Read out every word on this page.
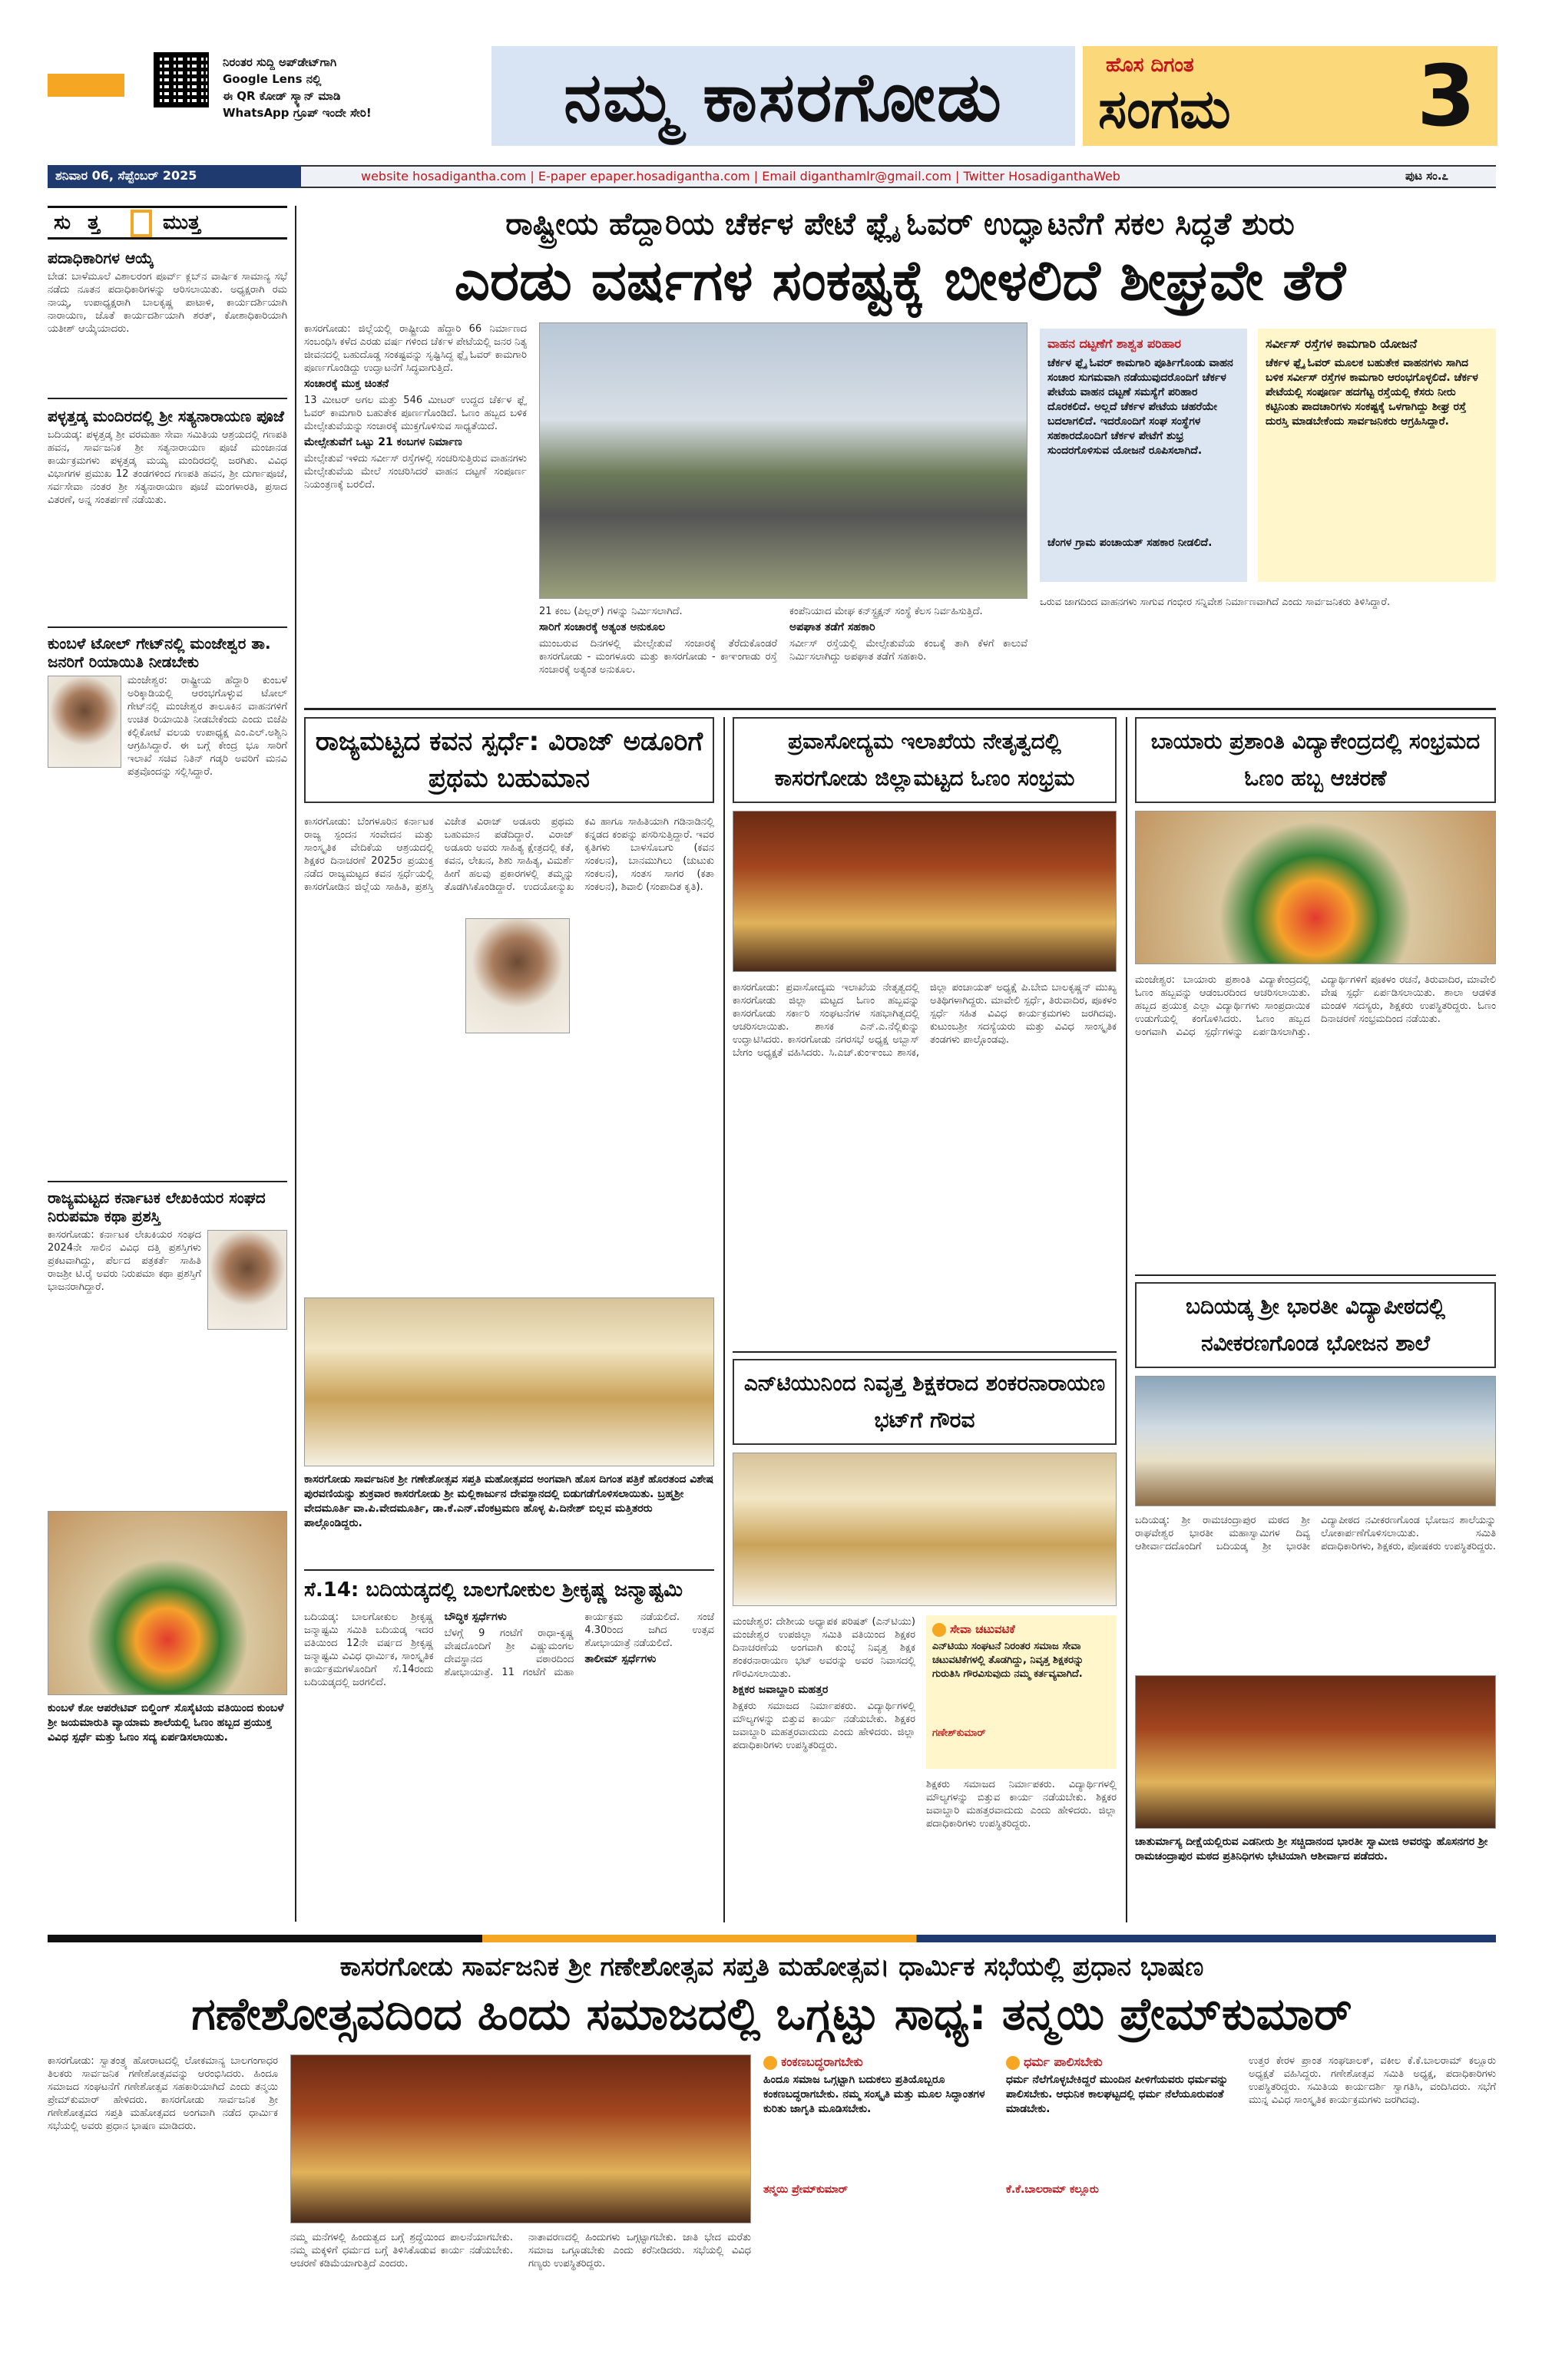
ನಿರಂತರ ಸುದ್ದಿ ಅಪ್‌ಡೇಟ್‌ಗಾಗಿ
Google Lens ನಲ್ಲಿ
ಈ QR ಕೋಡ್ ಸ್ಕ್ಯಾನ್ ಮಾಡಿ
WhatsApp ಗ್ರೂಪ್ ಇಂದೇ ಸೇರಿ!	ನಮ್ಮ ಕಾಸರಗೋಡು	ಹೊಸ ದಿಗಂತ
ಸಂಗಮ 3
ಶನಿವಾರ 06, ಸೆಪ್ಟೆಂಬರ್ 2025	website hosadigantha.com | E-paper epaper.hosadigantha.com | Email diganthamlr@gmail.com | Twitter HosadiganthaWeb	ಪುಟ ಸಂ.೭
ಸು ತ್ತ	ಮುತ್ತ
ಪದಾಧಿಕಾರಿಗಳ ಆಯ್ಕೆ
ಬೇಡ: ಬಾಳೆಮೂಲೆ ವಿಶಾಲರಂಗ ಪೂರ್ವ್ ಕ್ಲಬ್‌ನ ವಾರ್ಷಿಕ ಸಾಮಾನ್ಯ ಸಭೆ ನಡೆದು ನೂತನ ಪದಾಧಿಕಾರಿಗಳನ್ನು ಆರಿಸಲಾಯಿತು. ಅಧ್ಯಕ್ಷರಾಗಿ ರಮ ನಾಯ್ಕ, ಉಪಾಧ್ಯಕ್ಷರಾಗಿ ಬಾಲಕೃಷ್ಣ ಪಾಟಾಳಿ, ಕಾರ್ಯದರ್ಶಿಯಾಗಿ ನಾರಾಯಣ, ಜೊತೆ ಕಾರ್ಯದರ್ಶಿಯಾಗಿ ಶರತ್, ಕೋಶಾಧಿಕಾರಿಯಾಗಿ ಯತೀಶ್ ಆಯ್ಕೆಯಾದರು.
ಪಳ್ಳತ್ತಡ್ಕ ಮಂದಿರದಲ್ಲಿ ಶ್ರೀ ಸತ್ಯನಾರಾಯಣ ಪೂಜೆ
ಬದಿಯಡ್ಕ: ಪಳ್ಳತ್ತಡ್ಕ ಶ್ರೀ ವರಮಹಾ ಸೇವಾ ಸಮಿತಿಯ ಆಶ್ರಯದಲ್ಲಿ ಗಣಪತಿ ಹವನ, ಸಾರ್ವಜನಿಕ ಶ್ರೀ ಸತ್ಯನಾರಾಯಣ ಪೂಜೆ ಮಂಜಾನಡ ಕಾರ್ಯಕ್ರಮಗಳು ಪಳ್ಳತ್ತಡ್ಕ ಮಯ್ಯ ಮಂದಿರದಲ್ಲಿ ಜರಗಿತು. ವಿವಿಧ ವಿಭಾಗಗಳ ಪ್ರಮುಖ 12 ತಂಡಗಳಿಂದ ಗಣಪತಿ ಹವನ, ಶ್ರೀ ದುರ್ಗಾಪೂಜೆ, ಸರ್ವಸೇವಾ ನಂತರ ಶ್ರೀ ಸತ್ಯನಾರಾಯಣ ಪೂಜೆ ಮಂಗಳಾರತಿ, ಪ್ರಸಾದ ವಿತರಣೆ, ಅನ್ನ ಸಂತರ್ಪಣೆ ನಡೆಯಿತು.
ಕುಂಬಳೆ ಟೋಲ್ ಗೇಟ್‌ನಲ್ಲಿ ಮಂಜೇಶ್ವರ ತಾ. ಜನರಿಗೆ ರಿಯಾಯಿತಿ ನೀಡಬೇಕು
ಮಂಜೇಶ್ವರ: ರಾಷ್ಟ್ರೀಯ ಹೆದ್ದಾರಿ ಕುಂಬಳೆ ಅರಿಕ್ಕಾಡಿಯಲ್ಲಿ ಆರಂಭಗೊಳ್ಳುವ ಟೋಲ್ ಗೇಟ್‌ನಲ್ಲಿ ಮಂಜೇಶ್ವರ ತಾಲೂಕಿನ ವಾಹನಗಳಿಗೆ ಉಚಿತ ರಿಯಾಯಿತಿ ನೀಡಬೇಕೆಂದು ಎಂದು ಬಿಜೆಪಿ ಕಲ್ಲಿಕೋಟೆ ವಲಯ ಉಪಾಧ್ಯಕ್ಷ ಎಂ.ಎಲ್.ಅಶ್ವಿನಿ ಆಗ್ರಹಿಸಿದ್ದಾರೆ. ಈ ಬಗ್ಗೆ ಕೇಂದ್ರ ಭೂ ಸಾರಿಗೆ ಇಲಾಖೆ ಸಚಿವ ನಿತಿನ್ ಗಡ್ಕರಿ ಅವರಿಗೆ ಮನವಿ ಪತ್ರವೊಂದನ್ನು ಸಲ್ಲಿಸಿದ್ದಾರೆ.
ರಾಜ್ಯಮಟ್ಟದ ಕರ್ನಾಟಕ ಲೇಖಕಿಯರ ಸಂಘದ ನಿರುಪಮಾ ಕಥಾ ಪ್ರಶಸ್ತಿ
ಕಾಸರಗೋಡು: ಕರ್ನಾಟಕ ಲೇಖಕಿಯರ ಸಂಘದ 2024ನೇ ಸಾಲಿನ ವಿವಿಧ ದತ್ತಿ ಪ್ರಶಸ್ತಿಗಳು ಪ್ರಕಟವಾಗಿದ್ದು, ಪೆರ್ಲದ ಪತ್ರಕರ್ತೆ ಸಾಹಿತಿ ರಾಜಶ್ರೀ ಟಿ.ರೈ ಅವರು ನಿರುಪಮಾ ಕಥಾ ಪ್ರಶಸ್ತಿಗೆ ಭಾಜನರಾಗಿದ್ದಾರೆ.
ಕುಂಬಳೆ ಕೋ ಆಪರೇಟಿವ್ ಬಿಲ್ಡಿಂಗ್ ಸೊಸೈಟಿಯ ವತಿಯಿಂದ ಕುಂಬಳೆ ಶ್ರೀ ಜಯಮಾರುತಿ ವ್ಯಾಯಾಮ ಶಾಲೆಯಲ್ಲಿ ಓಣಂ ಹಬ್ಬದ ಪ್ರಯುಕ್ತ ವಿವಿಧ ಸ್ಪರ್ಧೆ ಮತ್ತು ಓಣಂ ಸದ್ಯ ಏರ್ಪಡಿಸಲಾಯಿತು.
ರಾಷ್ಟ್ರೀಯ ಹೆದ್ದಾರಿಯ ಚೆರ್ಕಳ ಪೇಟೆ ಫ್ಲೈ ಓವರ್ ಉದ್ಘಾಟನೆಗೆ ಸಕಲ ಸಿದ್ಧತೆ ಶುರು
ಎರಡು ವರ್ಷಗಳ ಸಂಕಷ್ಟಕ್ಕೆ ಬೀಳಲಿದೆ ಶೀಘ್ರವೇ ತೆರೆ

ಕಾಸರಗೋಡು: ಜಿಲ್ಲೆಯಲ್ಲಿ ರಾಷ್ಟ್ರೀಯ ಹೆದ್ದಾರಿ 66 ನಿರ್ಮಾಣದ ಸಂಬಂಧಿಸಿ ಕಳೆದ ಎರಡು ವರ್ಷ ಗಳಿಂದ ಚೆರ್ಕಳ ಪೇಟೆಯಲ್ಲಿ ಜನರ ನಿತ್ಯ ಜೀವನದಲ್ಲಿ ಬಹುದೊಡ್ಡ ಸಂಕಷ್ಟವನ್ನು ಸೃಷ್ಟಿಸಿದ್ದ ಫ್ಲೈ ಓವರ್ ಕಾಮಗಾರಿ ಪೂರ್ಣಗೊಂಡಿದ್ದು ಉದ್ಘಾಟನೆಗೆ ಸಿದ್ಧವಾಗುತ್ತಿದೆ.

ಸಂಚಾರಕ್ಕೆ ಮುಕ್ತ ಚಿಂತನೆ

13 ಮೀಟರ್ ಅಗಲ ಮತ್ತು 546 ಮೀಟರ್ ಉದ್ದದ ಚೆರ್ಕಳ ಫ್ಲೈ ಓವರ್ ಕಾಮಗಾರಿ ಬಹುತೇಕ ಪೂರ್ಣಗೊಂಡಿದೆ. ಓಣಂ ಹಬ್ಬದ ಬಳಿಕ ಮೇಲ್ಸೇತುವೆಯನ್ನು ಸಂಚಾರಕ್ಕೆ ಮುಕ್ತಗೊಳಿಸುವ ಸಾಧ್ಯತೆಯಿದೆ.

ಮೇಲ್ಸೇತುವೆಗೆ ಒಟ್ಟು 21 ಕಂಬಗಳ ನಿರ್ಮಾಣ

ಮೇಲ್ಸೇತುವೆ ಇಳಿದು ಸರ್ವೀಸ್ ರಸ್ತೆಗಳಲ್ಲಿ ಸಂಚರಿಸುತ್ತಿರುವ ವಾಹನಗಳು ಮೇಲ್ಸೇತುವೆಯ ಮೇಲೆ ಸಂಚರಿಸಿದರೆ ವಾಹನ ದಟ್ಟಣೆ ಸಂಪೂರ್ಣ ನಿಯಂತ್ರಣಕ್ಕೆ ಬರಲಿದೆ.

21 ಕಂಬ (ಪಿಲ್ಲರ್) ಗಳನ್ನು ನಿರ್ಮಿಸಲಾಗಿದೆ.

ಸಾರಿಗೆ ಸಂಚಾರಕ್ಕೆ ಅತ್ಯಂತ ಅನುಕೂಲ

ಮುಂಬರುವ ದಿನಗಳಲ್ಲಿ ಮೇಲ್ಸೇತುವೆ ಸಂಚಾರಕ್ಕೆ ತೆರೆದುಕೊಂಡರೆ ಕಾಸರಗೋಡು - ಮಂಗಳೂರು ಮತ್ತು ಕಾಸರಗೋಡು - ಕಾಞಂಗಾಡು ರಸ್ತೆ ಸಂಚಾರಕ್ಕೆ ಅತ್ಯಂತ ಅನುಕೂಲ.

ಕಂಪೆನಿಯಾದ ಮೇಘ ಕನ್‌ಸ್ಟ್ರಕ್ಷನ್ ಸಂಸ್ಥೆ ಕೆಲಸ ನಿರ್ವಹಿಸುತ್ತಿದೆ.

ಅಪಘಾತ ತಡೆಗೆ ಸಹಕಾರಿ

ಸರ್ವೀಸ್ ರಸ್ತೆಯಲ್ಲಿ ಮೇಲ್ಸೇತುವೆಯ ಕಂಬಕ್ಕೆ ತಾಗಿ ಕೆಳಗೆ ಕಾಲುವೆ ನಿರ್ಮಿಸಲಾಗಿದ್ದು ಅಪಘಾತ ತಡೆಗೆ ಸಹಕಾರಿ.

ವಾಹನ ದಟ್ಟಣೆಗೆ ಶಾಶ್ವತ ಪರಿಹಾರ
ಚೆರ್ಕಳ ಫ್ಲೈ ಓವರ್ ಕಾಮಗಾರಿ ಪೂರ್ತಿಗೊಂಡು ವಾಹನ ಸಂಚಾರ ಸುಗಮವಾಗಿ ನಡೆಯುವುದರೊಂದಿಗೆ ಚೆರ್ಕಳ ಪೇಟೆಯ ವಾಹನ ದಟ್ಟಣೆ ಸಮಸ್ಯೆಗೆ ಪರಿಹಾರ ದೊರಕಲಿದೆ. ಅಲ್ಲದೆ ಚೆರ್ಕಳ ಪೇಟೆಯ ಚಹರೆಯೇ ಬದಲಾಗಲಿದೆ. ಇದರೊಂದಿಗೆ ಸಂಘ ಸಂಸ್ಥೆಗಳ ಸಹಕಾರದೊಂದಿಗೆ ಚೆರ್ಕಳ ಪೇಟೆಗೆ ಶುಭ್ರ ಸುಂದರಗೊಳಿಸುವ ಯೋಜನೆ ರೂಪಿಸಲಾಗಿದೆ.
ಚೆಂಗಳ ಗ್ರಾಮ ಪಂಚಾಯತ್ ಸಹಕಾರ ನೀಡಲಿದೆ.
ಸರ್ವೀಸ್ ರಸ್ತೆಗಳ ಕಾಮಗಾರಿ ಯೋಜನೆ
ಚೆರ್ಕಳ ಫ್ಲೈ ಓವರ್ ಮೂಲಕ ಬಹುತೇಕ ವಾಹನಗಳು ಸಾಗಿದ ಬಳಿಕ ಸರ್ವೀಸ್ ರಸ್ತೆಗಳ ಕಾಮಗಾರಿ ಆರಂಭಗೊಳ್ಳಲಿದೆ. ಚೆರ್ಕಳ ಪೇಟೆಯಲ್ಲಿ ಸಂಪೂರ್ಣ ಹದಗೆಟ್ಟ ರಸ್ತೆಯಲ್ಲಿ ಕೆಸರು ನೀರು ಕಟ್ಟಿನಿಂತು ಪಾದಚಾರಿಗಳು ಸಂಕಷ್ಟಕ್ಕೆ ಒಳಗಾಗಿದ್ದು ಶೀಘ್ರ ರಸ್ತೆ ದುರಸ್ತಿ ಮಾಡಬೇಕೆಂದು ಸಾರ್ವಜನಿಕರು ಆಗ್ರಹಿಸಿದ್ದಾರೆ.
ಒರುವ ಜಾಗದಿಂದ ವಾಹನಗಳು ಸಾಗುವ ಗಂಭೀರ ಸನ್ನಿವೇಶ ನಿರ್ಮಾಣವಾಗಿದೆ ಎಂದು ಸಾರ್ವಜನಿಕರು ತಿಳಿಸಿದ್ದಾರೆ.
ರಾಜ್ಯಮಟ್ಟದ ಕವನ ಸ್ಪರ್ಧೆ: ವಿರಾಜ್ ಅಡೂರಿಗೆ ಪ್ರಥಮ ಬಹುಮಾನ
ಕಾಸರಗೋಡು: ಬೆಂಗಳೂರಿನ ಕರ್ನಾಟಕ ರಾಜ್ಯ ಸ್ಪಂದನ ಸಂವೇದನ ಮತ್ತು ಸಾಂಸ್ಕೃತಿಕ ವೇದಿಕೆಯ ಆಶ್ರಯದಲ್ಲಿ ಶಿಕ್ಷಕರ ದಿನಾಚರಣೆ 2025ರ ಪ್ರಯುಕ್ತ ನಡೆದ ರಾಜ್ಯಮಟ್ಟದ ಕವನ ಸ್ಪರ್ಧೆಯಲ್ಲಿ ಕಾಸರಗೋಡಿನ ಜಿಲ್ಲೆಯ ಸಾಹಿತಿ, ಪ್ರಶಸ್ತಿ ವಿಜೇತ ವಿರಾಜ್ ಅಡೂರು ಪ್ರಥಮ ಬಹುಮಾನ ಪಡೆದಿದ್ದಾರೆ. ವಿರಾಜ್ ಅಡೂರು ಅವರು ಸಾಹಿತ್ಯ ಕ್ಷೇತ್ರದಲ್ಲಿ ಕತೆ, ಕವನ, ಲೇಖನ, ಶಿಶು ಸಾಹಿತ್ಯ, ವಿಮರ್ಶೆ ಹೀಗೆ ಹಲವು ಪ್ರಕಾರಗಳಲ್ಲಿ ತಮ್ಮನ್ನು ತೊಡಗಿಸಿಕೊಂಡಿದ್ದಾರೆ. ಉದಯೋನ್ಮುಖ ಕವಿ ಹಾಗೂ ಸಾಹಿತಿಯಾಗಿ ಗಡಿನಾಡಿನಲ್ಲಿ ಕನ್ನಡದ ಕಂಪನ್ನು ಪಸರಿಸುತ್ತಿದ್ದಾರೆ. ಇವರ ಕೃತಿಗಳು ಬಾಳಸೊಬಗು (ಕವನ ಸಂಕಲನ), ಬಾನಮುಗಿಲು (ಚುಟುಕು ಸಂಕಲನ), ಸಂತಸ ಸಾಗರ (ಕತಾ ಸಂಕಲನ), ಶಿವಾಲಿ (ಸಂಪಾದಿತ ಕೃತಿ).
ಕಾಸರಗೋಡು ಸಾರ್ವಜನಿಕ ಶ್ರೀ ಗಣೇಶೋತ್ಸವ ಸಪ್ತತಿ ಮಹೋತ್ಸವದ ಅಂಗವಾಗಿ ಹೊಸ ದಿಗಂತ ಪತ್ರಿಕೆ ಹೊರತಂದ ವಿಶೇಷ ಪುರವಣಿಯನ್ನು ಶುಕ್ರವಾರ ಕಾಸರಗೋಡು ಶ್ರೀ ಮಲ್ಲಿಕಾರ್ಜುನ ದೇವಸ್ಥಾನದಲ್ಲಿ ಬಿಡುಗಡೆಗೊಳಿಸಲಾಯಿತು. ಬ್ರಹ್ಮಶ್ರೀ ವೇದಮೂರ್ತಿ ವಾ.ಪಿ.ವೇದಮೂರ್ತಿ, ಡಾ.ಕೆ.ಎನ್.ವೆಂಕಟ್ರಮಣ ಹೊಳ್ಳ ಪಿ.ದಿನೇಶ್ ಬಿಲ್ಲವ ಮತ್ತಿತರರು ಪಾಲ್ಗೊಂಡಿದ್ದರು.
ಸೆ.14: ಬದಿಯಡ್ಕದಲ್ಲಿ ಬಾಲಗೋಕುಲ ಶ್ರೀಕೃಷ್ಣ ಜನ್ಮಾಷ್ಟಮಿ

ಬದಿಯಡ್ಕ: ಬಾಲಗೋಕುಲ ಶ್ರೀಕೃಷ್ಣ ಜನ್ಮಾಷ್ಟಮಿ ಸಮಿತಿ ಬದಿಯಡ್ಕ ಇದರ ವತಿಯಿಂದ 12ನೇ ವರ್ಷದ ಶ್ರೀಕೃಷ್ಣ ಜನ್ಮಾಷ್ಟಮಿ ವಿವಿಧ ಧಾರ್ಮಿಕ, ಸಾಂಸ್ಕೃತಿಕ ಕಾರ್ಯಕ್ರಮಗಳೊಂದಿಗೆ ಸೆ.14ರಂದು ಬದಿಯಡ್ಕದಲ್ಲಿ ಜರಗಲಿದೆ.

ಬೌದ್ಧಿಕ ಸ್ಪರ್ಧೆಗಳು

ಬೆಳಗ್ಗೆ 9 ಗಂಟೆಗೆ ರಾಧಾ-ಕೃಷ್ಣ ವೇಷದೊಂದಿಗೆ ಶ್ರೀ ವಿಷ್ಣುಮಂಗಲ ದೇವಸ್ಥಾನದ ವಠಾರದಿಂದ ಶೋಭಾಯಾತ್ರೆ. 11 ಗಂಟೆಗೆ ಮಹಾ ಕಾರ್ಯಕ್ರಮ ನಡೆಯಲಿದೆ. ಸಂಜೆ 4.30ರಿಂದ ಜಗಿದ ಉತ್ಸವ ಶೋಭಾಯಾತ್ರೆ ನಡೆಯಲಿದೆ.

ತಾಲೀಮ್ ಸ್ಪರ್ಧೆಗಳು

ಪ್ರವಾಸೋದ್ಯಮ ಇಲಾಖೆಯ ನೇತೃತ್ವದಲ್ಲಿ ಕಾಸರಗೋಡು ಜಿಲ್ಲಾಮಟ್ಟದ ಓಣಂ ಸಂಭ್ರಮ
ಕಾಸರಗೋಡು: ಪ್ರವಾಸೋದ್ಯಮ ಇಲಾಖೆಯ ನೇತೃತ್ವದಲ್ಲಿ ಕಾಸರಗೋಡು ಜಿಲ್ಲಾ ಮಟ್ಟದ ಓಣಂ ಹಬ್ಬವನ್ನು ಕಾಸರಗೋಡು ಸರ್ಕಾರಿ ಸಂಘಟನೆಗಳ ಸಹಭಾಗಿತ್ವದಲ್ಲಿ ಆಚರಿಸಲಾಯಿತು. ಶಾಸಕ ಎನ್.ಎ.ನೆಲ್ಲಿಕುನ್ನು ಉದ್ಘಾಟಿಸಿದರು. ಕಾಸರಗೋಡು ನಗರಸಭೆ ಅಧ್ಯಕ್ಷ ಅಬ್ಬಾಸ್ ಬೇಗಂ ಅಧ್ಯಕ್ಷತೆ ವಹಿಸಿದರು. ಸಿ.ಎಚ್.ಕುಂಞಂಬು ಶಾಸಕ, ಜಿಲ್ಲಾ ಪಂಚಾಯತ್ ಅಧ್ಯಕ್ಷೆ ಪಿ.ಬೇಬಿ ಬಾಲಕೃಷ್ಣನ್ ಮುಖ್ಯ ಅತಿಥಿಗಳಾಗಿದ್ದರು. ಮಾವೇಲಿ ಸ್ಪರ್ಧೆ, ತಿರುವಾದಿರ, ಪೂಕಳಂ ಸ್ಪರ್ಧೆ ಸಹಿತ ವಿವಿಧ ಕಾರ್ಯಕ್ರಮಗಳು ಜರಗಿದವು. ಕುಟುಂಬಶ್ರೀ ಸದಸ್ಯೆಯರು ಮತ್ತು ವಿವಿಧ ಸಾಂಸ್ಕೃತಿಕ ತಂಡಗಳು ಪಾಲ್ಗೊಂಡವು.
ಎನ್‌ಟಿಯುನಿಂದ ನಿವೃತ್ತ ಶಿಕ್ಷಕರಾದ ಶಂಕರನಾರಾಯಣ ಭಟ್‌ಗೆ ಗೌರವ

ಮಂಜೇಶ್ವರ: ದೇಶೀಯ ಅಧ್ಯಾಪಕ ಪರಿಷತ್ (ಎನ್‌ಟಿಯು) ಮಂಜೇಶ್ವರ ಉಪಜಿಲ್ಲಾ ಸಮಿತಿ ವತಿಯಿಂದ ಶಿಕ್ಷಕರ ದಿನಾಚರಣೆಯ ಅಂಗವಾಗಿ ಕುಂಬ್ಳೆ ನಿವೃತ್ತ ಶಿಕ್ಷಕ ಶಂಕರನಾರಾಯಣ ಭಟ್ ಅವರನ್ನು ಅವರ ನಿವಾಸದಲ್ಲಿ ಗೌರವಿಸಲಾಯಿತು.

ಶಿಕ್ಷಕರ ಜವಾಬ್ದಾರಿ ಮಹತ್ತರ

ಶಿಕ್ಷಕರು ಸಮಾಜದ ನಿರ್ಮಾಪಕರು. ವಿದ್ಯಾರ್ಥಿಗಳಲ್ಲಿ ಮೌಲ್ಯಗಳನ್ನು ಬಿತ್ತುವ ಕಾರ್ಯ ನಡೆಯಬೇಕು. ಶಿಕ್ಷಕರ ಜವಾಬ್ದಾರಿ ಮಹತ್ತರವಾದುದು ಎಂದು ಹೇಳಿದರು. ಜಿಲ್ಲಾ ಪದಾಧಿಕಾರಿಗಳು ಉಪಸ್ಥಿತರಿದ್ದರು.

ಸೇವಾ ಚಟುವಟಿಕೆ
ಎನ್‌ಟಿಯು ಸಂಘಟನೆ ನಿರಂತರ ಸಮಾಜ ಸೇವಾ ಚಟುವಟಿಕೆಗಳಲ್ಲಿ ತೊಡಗಿದ್ದು, ನಿವೃತ್ತ ಶಿಕ್ಷಕರನ್ನು ಗುರುತಿಸಿ ಗೌರವಿಸುವುದು ನಮ್ಮ ಕರ್ತವ್ಯವಾಗಿದೆ.
ಗಣೇಶ್‌ಕುಮಾರ್
ಶಿಕ್ಷಕರು ಸಮಾಜದ ನಿರ್ಮಾಪಕರು. ವಿದ್ಯಾರ್ಥಿಗಳಲ್ಲಿ ಮೌಲ್ಯಗಳನ್ನು ಬಿತ್ತುವ ಕಾರ್ಯ ನಡೆಯಬೇಕು. ಶಿಕ್ಷಕರ ಜವಾಬ್ದಾರಿ ಮಹತ್ತರವಾದುದು ಎಂದು ಹೇಳಿದರು. ಜಿಲ್ಲಾ ಪದಾಧಿಕಾರಿಗಳು ಉಪಸ್ಥಿತರಿದ್ದರು.
ಬಾಯಾರು ಪ್ರಶಾಂತಿ ವಿದ್ಯಾಕೇಂದ್ರದಲ್ಲಿ ಸಂಭ್ರಮದ ಓಣಂ ಹಬ್ಬ ಆಚರಣೆ
ಮಂಜೇಶ್ವರ: ಬಾಯಾರು ಪ್ರಶಾಂತಿ ವಿದ್ಯಾಕೇಂದ್ರದಲ್ಲಿ ಓಣಂ ಹಬ್ಬವನ್ನು ಆಡಂಬರದಿಂದ ಆಚರಿಸಲಾಯಿತು. ಹಬ್ಬದ ಪ್ರಯುಕ್ತ ಎಲ್ಲಾ ವಿದ್ಯಾರ್ಥಿಗಳು ಸಾಂಪ್ರದಾಯಿಕ ಉಡುಗೆಯಲ್ಲಿ ಕಂಗೊಳಿಸಿದರು. ಓಣಂ ಹಬ್ಬದ ಅಂಗವಾಗಿ ವಿವಿಧ ಸ್ಪರ್ಧೆಗಳನ್ನು ಏರ್ಪಡಿಸಲಾಗಿತ್ತು. ವಿದ್ಯಾರ್ಥಿಗಳಿಗೆ ಪೂಕಳಂ ರಚನೆ, ತಿರುವಾದಿರ, ಮಾವೇಲಿ ವೇಷ ಸ್ಪರ್ಧೆ ಏರ್ಪಡಿಸಲಾಯಿತು. ಶಾಲಾ ಆಡಳಿತ ಮಂಡಳಿ ಸದಸ್ಯರು, ಶಿಕ್ಷಕರು ಉಪಸ್ಥಿತರಿದ್ದರು. ಓಣಂ ದಿನಾಚರಣೆ ಸಂಭ್ರಮದಿಂದ ನಡೆಯಿತು.
ಬದಿಯಡ್ಕ ಶ್ರೀ ಭಾರತೀ ವಿದ್ಯಾಪೀಠದಲ್ಲಿ ನವೀಕರಣಗೊಂಡ ಭೋಜನ ಶಾಲೆ
ಬದಿಯಡ್ಕ: ಶ್ರೀ ರಾಮಚಂದ್ರಾಪುರ ಮಠದ ಶ್ರೀ ರಾಘವೇಶ್ವರ ಭಾರತೀ ಮಹಾಸ್ವಾಮಿಗಳ ದಿವ್ಯ ಆಶೀರ್ವಾದದೊಂದಿಗೆ ಬದಿಯಡ್ಕ ಶ್ರೀ ಭಾರತೀ ವಿದ್ಯಾಪೀಠದ ನವೀಕರಣಗೊಂಡ ಭೋಜನ ಶಾಲೆಯನ್ನು ಲೋಕಾರ್ಪಣೆಗೊಳಿಸಲಾಯಿತು. ಸಮಿತಿ ಪದಾಧಿಕಾರಿಗಳು, ಶಿಕ್ಷಕರು, ಪೋಷಕರು ಉಪಸ್ಥಿತರಿದ್ದರು.
ಚಾತುರ್ಮಾಸ್ಯ ದೀಕ್ಷೆಯಲ್ಲಿರುವ ಎಡನೀರು ಶ್ರೀ ಸಚ್ಚಿದಾನಂದ ಭಾರತೀ ಸ್ವಾಮೀಜಿ ಅವರನ್ನು ಹೊಸನಗರ ಶ್ರೀ ರಾಮಚಂದ್ರಾಪುರ ಮಠದ ಪ್ರತಿನಿಧಿಗಳು ಭೇಟಿಯಾಗಿ ಆಶೀರ್ವಾದ ಪಡೆದರು.
ಕಾಸರಗೋಡು ಸಾರ್ವಜನಿಕ ಶ್ರೀ ಗಣೇಶೋತ್ಸವ ಸಪ್ತತಿ ಮಹೋತ್ಸವ। ಧಾರ್ಮಿಕ ಸಭೆಯಲ್ಲಿ ಪ್ರಧಾನ ಭಾಷಣ
ಗಣೇಶೋತ್ಸವದಿಂದ ಹಿಂದು ಸಮಾಜದಲ್ಲಿ ಒಗ್ಗಟ್ಟು ಸಾಧ್ಯ: ತನ್ಮಯಿ ಪ್ರೇಮ್‌ಕುಮಾರ್
ಕಾಸರಗೋಡು: ಸ್ವಾತಂತ್ರ್ಯ ಹೋರಾಟದಲ್ಲಿ ಲೋಕಮಾನ್ಯ ಬಾಲಗಂಗಾಧರ ತಿಲಕರು ಸಾರ್ವಜನಿಕ ಗಣೇಶೋತ್ಸವವನ್ನು ಆರಂಭಿಸಿದರು. ಹಿಂದೂ ಸಮಾಜದ ಸಂಘಟನೆಗೆ ಗಣೇಶೋತ್ಸವ ಸಹಕಾರಿಯಾಗಿದೆ ಎಂದು ತನ್ಮಯಿ ಪ್ರೇಮ್‌ಕುಮಾರ್ ಹೇಳಿದರು. ಕಾಸರಗೋಡು ಸಾರ್ವಜನಿಕ ಶ್ರೀ ಗಣೇಶೋತ್ಸವದ ಸಪ್ತತಿ ಮಹೋತ್ಸವದ ಅಂಗವಾಗಿ ನಡೆದ ಧಾರ್ಮಿಕ ಸಭೆಯಲ್ಲಿ ಅವರು ಪ್ರಧಾನ ಭಾಷಣ ಮಾಡಿದರು.
ನಮ್ಮ ಮನೆಗಳಲ್ಲಿ ಹಿಂದುತ್ವದ ಬಗ್ಗೆ ಶ್ರದ್ಧೆಯಿಂದ ಪಾಲನೆಯಾಗಬೇಕು. ನಮ್ಮ ಮಕ್ಕಳಿಗೆ ಧರ್ಮದ ಬಗ್ಗೆ ತಿಳಿಸಿಕೊಡುವ ಕಾರ್ಯ ನಡೆಯಬೇಕು. ಆಚರಣೆ ಕಡಿಮೆಯಾಗುತ್ತಿದೆ ಎಂದರು.
ನಾತಾವರಣದಲ್ಲಿ ಹಿಂದುಗಳು ಒಗ್ಗಟ್ಟಾಗಬೇಕು. ಜಾತಿ ಭೇದ ಮರೆತು ಸಮಾಜ ಒಗ್ಗೂಡಬೇಕು ಎಂದು ಕರೆನೀಡಿದರು. ಸಭೆಯಲ್ಲಿ ವಿವಿಧ ಗಣ್ಯರು ಉಪಸ್ಥಿತರಿದ್ದರು.
ಕಂಕಣಬದ್ಧರಾಗಬೇಕು
ಹಿಂದೂ ಸಮಾಜ ಒಗ್ಗಟ್ಟಾಗಿ ಬದುಕಲು ಪ್ರತಿಯೊಬ್ಬರೂ ಕಂಕಣಬದ್ಧರಾಗಬೇಕು. ನಮ್ಮ ಸಂಸ್ಕೃತಿ ಮತ್ತು ಮೂಲ ಸಿದ್ಧಾಂತಗಳ ಕುರಿತು ಜಾಗೃತಿ ಮೂಡಿಸಬೇಕು.
ತನ್ಮಯಿ ಪ್ರೇಮ್‌ಕುಮಾರ್
ಧರ್ಮ ಪಾಲಿಸಬೇಕು
ಧರ್ಮ ನೆಲೆಗೊಳ್ಳಬೇಕಿದ್ದರೆ ಮುಂದಿನ ಪೀಳಿಗೆಯವರು ಧರ್ಮವನ್ನು ಪಾಲಿಸಬೇಕು. ಆಧುನಿಕ ಕಾಲಘಟ್ಟದಲ್ಲಿ ಧರ್ಮ ನೆಲೆಯೂರುವಂತೆ ಮಾಡಬೇಕು.
ಕೆ.ಕೆ.ಬಾಲರಾಮ್ ಕಲ್ಲೂರು
ಉತ್ತರ ಕೇರಳ ಪ್ರಾಂತ ಸಂಘಚಾಲಕ್, ವಕೀಲ ಕೆ.ಕೆ.ಬಾಲರಾಮ್ ಕಲ್ಲೂರು ಅಧ್ಯಕ್ಷತೆ ವಹಿಸಿದ್ದರು. ಗಣೇಶೋತ್ಸವ ಸಮಿತಿ ಅಧ್ಯಕ್ಷ, ಪದಾಧಿಕಾರಿಗಳು ಉಪಸ್ಥಿತರಿದ್ದರು. ಸಮಿತಿಯ ಕಾರ್ಯದರ್ಶಿ ಸ್ವಾಗತಿಸಿ, ವಂದಿಸಿದರು. ಸಭೆಗೆ ಮುನ್ನ ವಿವಿಧ ಸಾಂಸ್ಕೃತಿಕ ಕಾರ್ಯಕ್ರಮಗಳು ಜರಗಿದವು.
